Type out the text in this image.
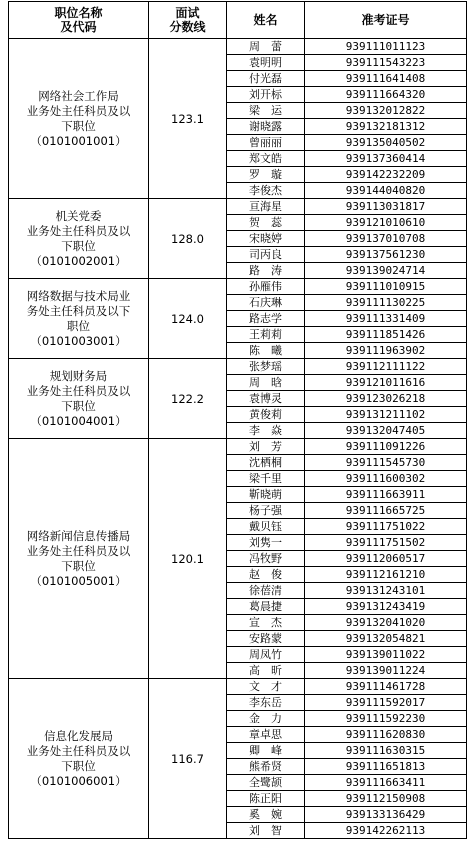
职位名称
及代码	面试
分数线	姓名	准考证号

网络社会工作局
业务处主任科员及以
下职位
（0101001001）	123.1	周　蕾	939111011123
		袁明明	939111543223
		付光磊	939111641408
		刘开标	939111664320
		梁　运	939132012822
		谢晓露	939132181312
		曾丽丽	939135040502
		郑文皓	939137360414
		罗　璇	939142232209
		李俊杰	939144040820

机关党委
业务处主任科员及以
下职位
（0101002001）	128.0	亘海星	939113031817
		贺　蕊	939121010610
		宋晓婷	939137010708
		司丙良	939137561230
		路　涛	939139024714

网络数据与技术局业
务处主任科员及以下
职位
（0101003001）	124.0	孙雁伟	939111010915
		石庆琳	939111130225
		路志学	939111331409
		王莉莉	939111851426
		陈　曦	939111963902

规划财务局
业务处主任科员及以
下职位
（0101004001）	122.2	张梦瑶	939112111122
		周　晗	939121011616
		袁博灵	939123026218
		黄俊莉	939131211102
		李　焱	939132047405

网络新闻信息传播局
业务处主任科员及以
下职位
（0101005001）	120.1	刘　芳	939111091226
		沈栖桐	939111545730
		梁千里	939111600302
		靳晓萌	939111663911
		杨子强	939111665725
		戴贝钰	939111751022
		刘隽一	939111751502
		冯牧野	939112060517
		赵　俊	939112161210
		徐蓓清	939131243101
		葛晨捷	939131243419
		宣　杰	939132041020
		安路蒙	939132054821
		周凤竹	939139011022
		高　昕	939139011224

信息化发展局
业务处主任科员及以
下职位
（0101006001）	116.7	文　才	939111461728
		李东岳	939111592017
		金　力	939111592230
		章卓思	939111620830
		卿　峰	939111630315
		熊希贤	939111651813
		全鹭颉	939111663411
		陈正阳	939112150908
		奚　婉	939133136429
		刘　智	939142262113
